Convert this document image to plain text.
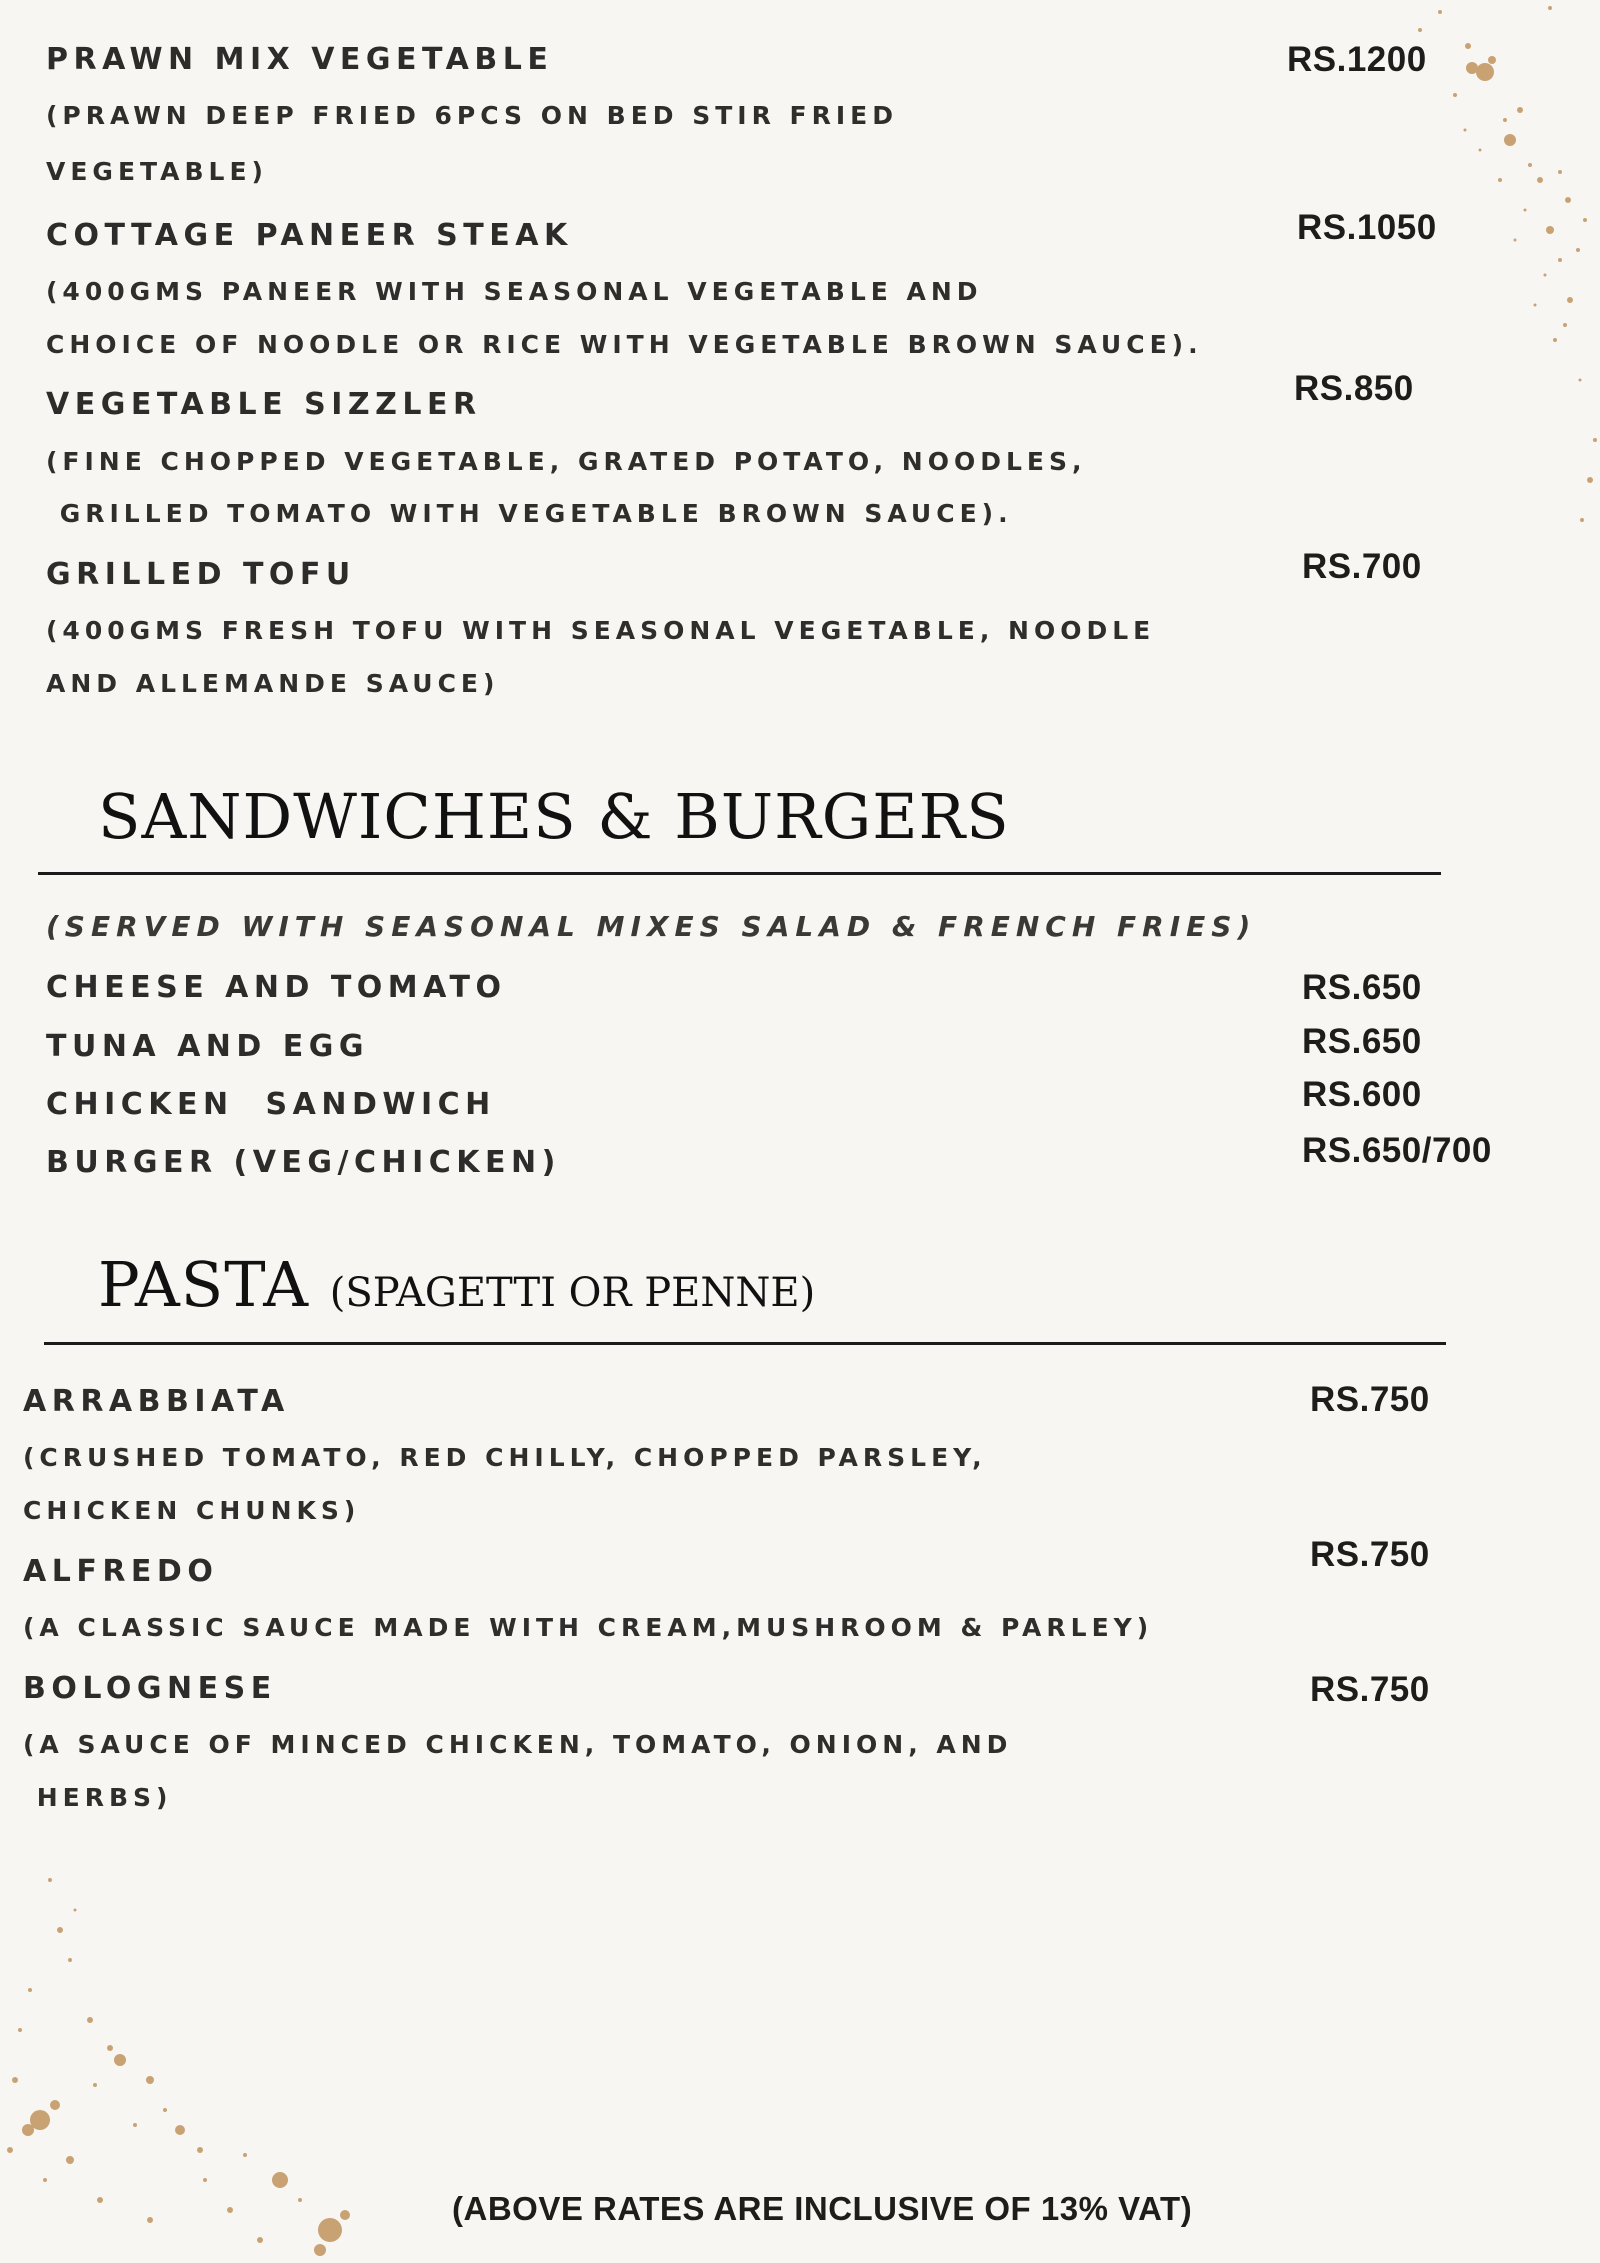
PRAWN MIX VEGETABLE
(PRAWN DEEP FRIED 6PCS ON BED STIR FRIED
VEGETABLE)
RS.1200
COTTAGE PANEER STEAK
(400GMS PANEER WITH SEASONAL VEGETABLE AND
CHOICE OF NOODLE OR RICE WITH VEGETABLE BROWN SAUCE).
RS.1050
VEGETABLE SIZZLER
(FINE CHOPPED VEGETABLE, GRATED POTATO, NOODLES,
GRILLED TOMATO WITH VEGETABLE BROWN SAUCE).
RS.850
GRILLED TOFU
(400GMS FRESH TOFU WITH SEASONAL VEGETABLE, NOODLE
AND ALLEMANDE SAUCE)
RS.700
SANDWICHES & BURGERS
(SERVED WITH SEASONAL MIXES SALAD & FRENCH FRIES)
CHEESE AND TOMATO	RS.650
TUNA AND EGG	RS.650
CHICKEN  SANDWICH	RS.600
BURGER (VEG/CHICKEN)	RS.650/700
PASTA (SPAGETTI OR PENNE)
ARRABBIATA
(CRUSHED TOMATO, RED CHILLY, CHOPPED PARSLEY,
CHICKEN CHUNKS)
RS.750
ALFREDO
(A CLASSIC SAUCE MADE WITH CREAM,MUSHROOM & PARLEY)
RS.750
BOLOGNESE
(A SAUCE OF MINCED CHICKEN, TOMATO, ONION, AND
HERBS)
RS.750
(ABOVE RATES ARE INCLUSIVE OF 13% VAT)
